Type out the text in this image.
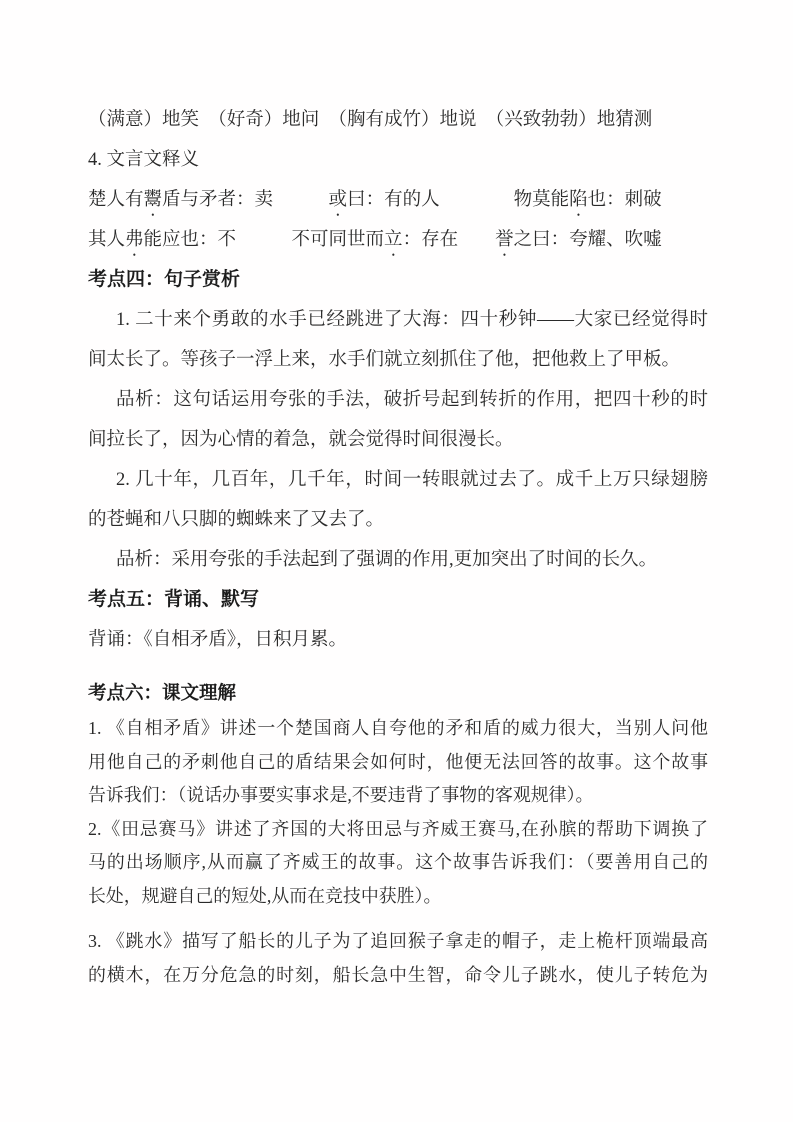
（满意）地笑　（好奇）地问　（胸有成竹）地说　（兴致勃勃）地猜测
4. 文言文释义
楚人有鬻盾与矛者：卖　　　或曰：有的人　　　　物莫能陷也：刺破
其人弗能应也：不　　　不可同世而立：存在　　誉之曰：夸耀、吹嘘
考点四：句子赏析
1. 二十来个勇敢的水手已经跳进了大海：四十秒钟——大家已经觉得时
间太长了。等孩子一浮上来，水手们就立刻抓住了他，把他救上了甲板。
品析：这句话运用夸张的手法，破折号起到转折的作用，把四十秒的时
间拉长了，因为心情的着急，就会觉得时间很漫长。
2. 几十年，几百年，几千年，时间一转眼就过去了。成千上万只绿翅膀
的苍蝇和八只脚的蜘蛛来了又去了。
品析：采用夸张的手法起到了强调的作用,更加突出了时间的长久。
考点五：背诵、默写
背诵：《自相矛盾》，日积月累。
考点六：课文理解
1. 《自相矛盾》讲述一个楚国商人自夸他的矛和盾的威力很大，当别人问他
用他自己的矛刺他自己的盾结果会如何时，他便无法回答的故事。这个故事
告诉我们：（说话办事要实事求是,不要违背了事物的客观规律）。
2.《田忌赛马》讲述了齐国的大将田忌与齐威王赛马,在孙膑的帮助下调换了
马的出场顺序,从而赢了齐威王的故事。这个故事告诉我们：（要善用自己的
长处，规避自己的短处,从而在竞技中获胜）。
3. 《跳水》描写了船长的儿子为了追回猴子拿走的帽子，走上桅杆顶端最高
的横木，在万分危急的时刻，船长急中生智，命令儿子跳水，使儿子转危为
